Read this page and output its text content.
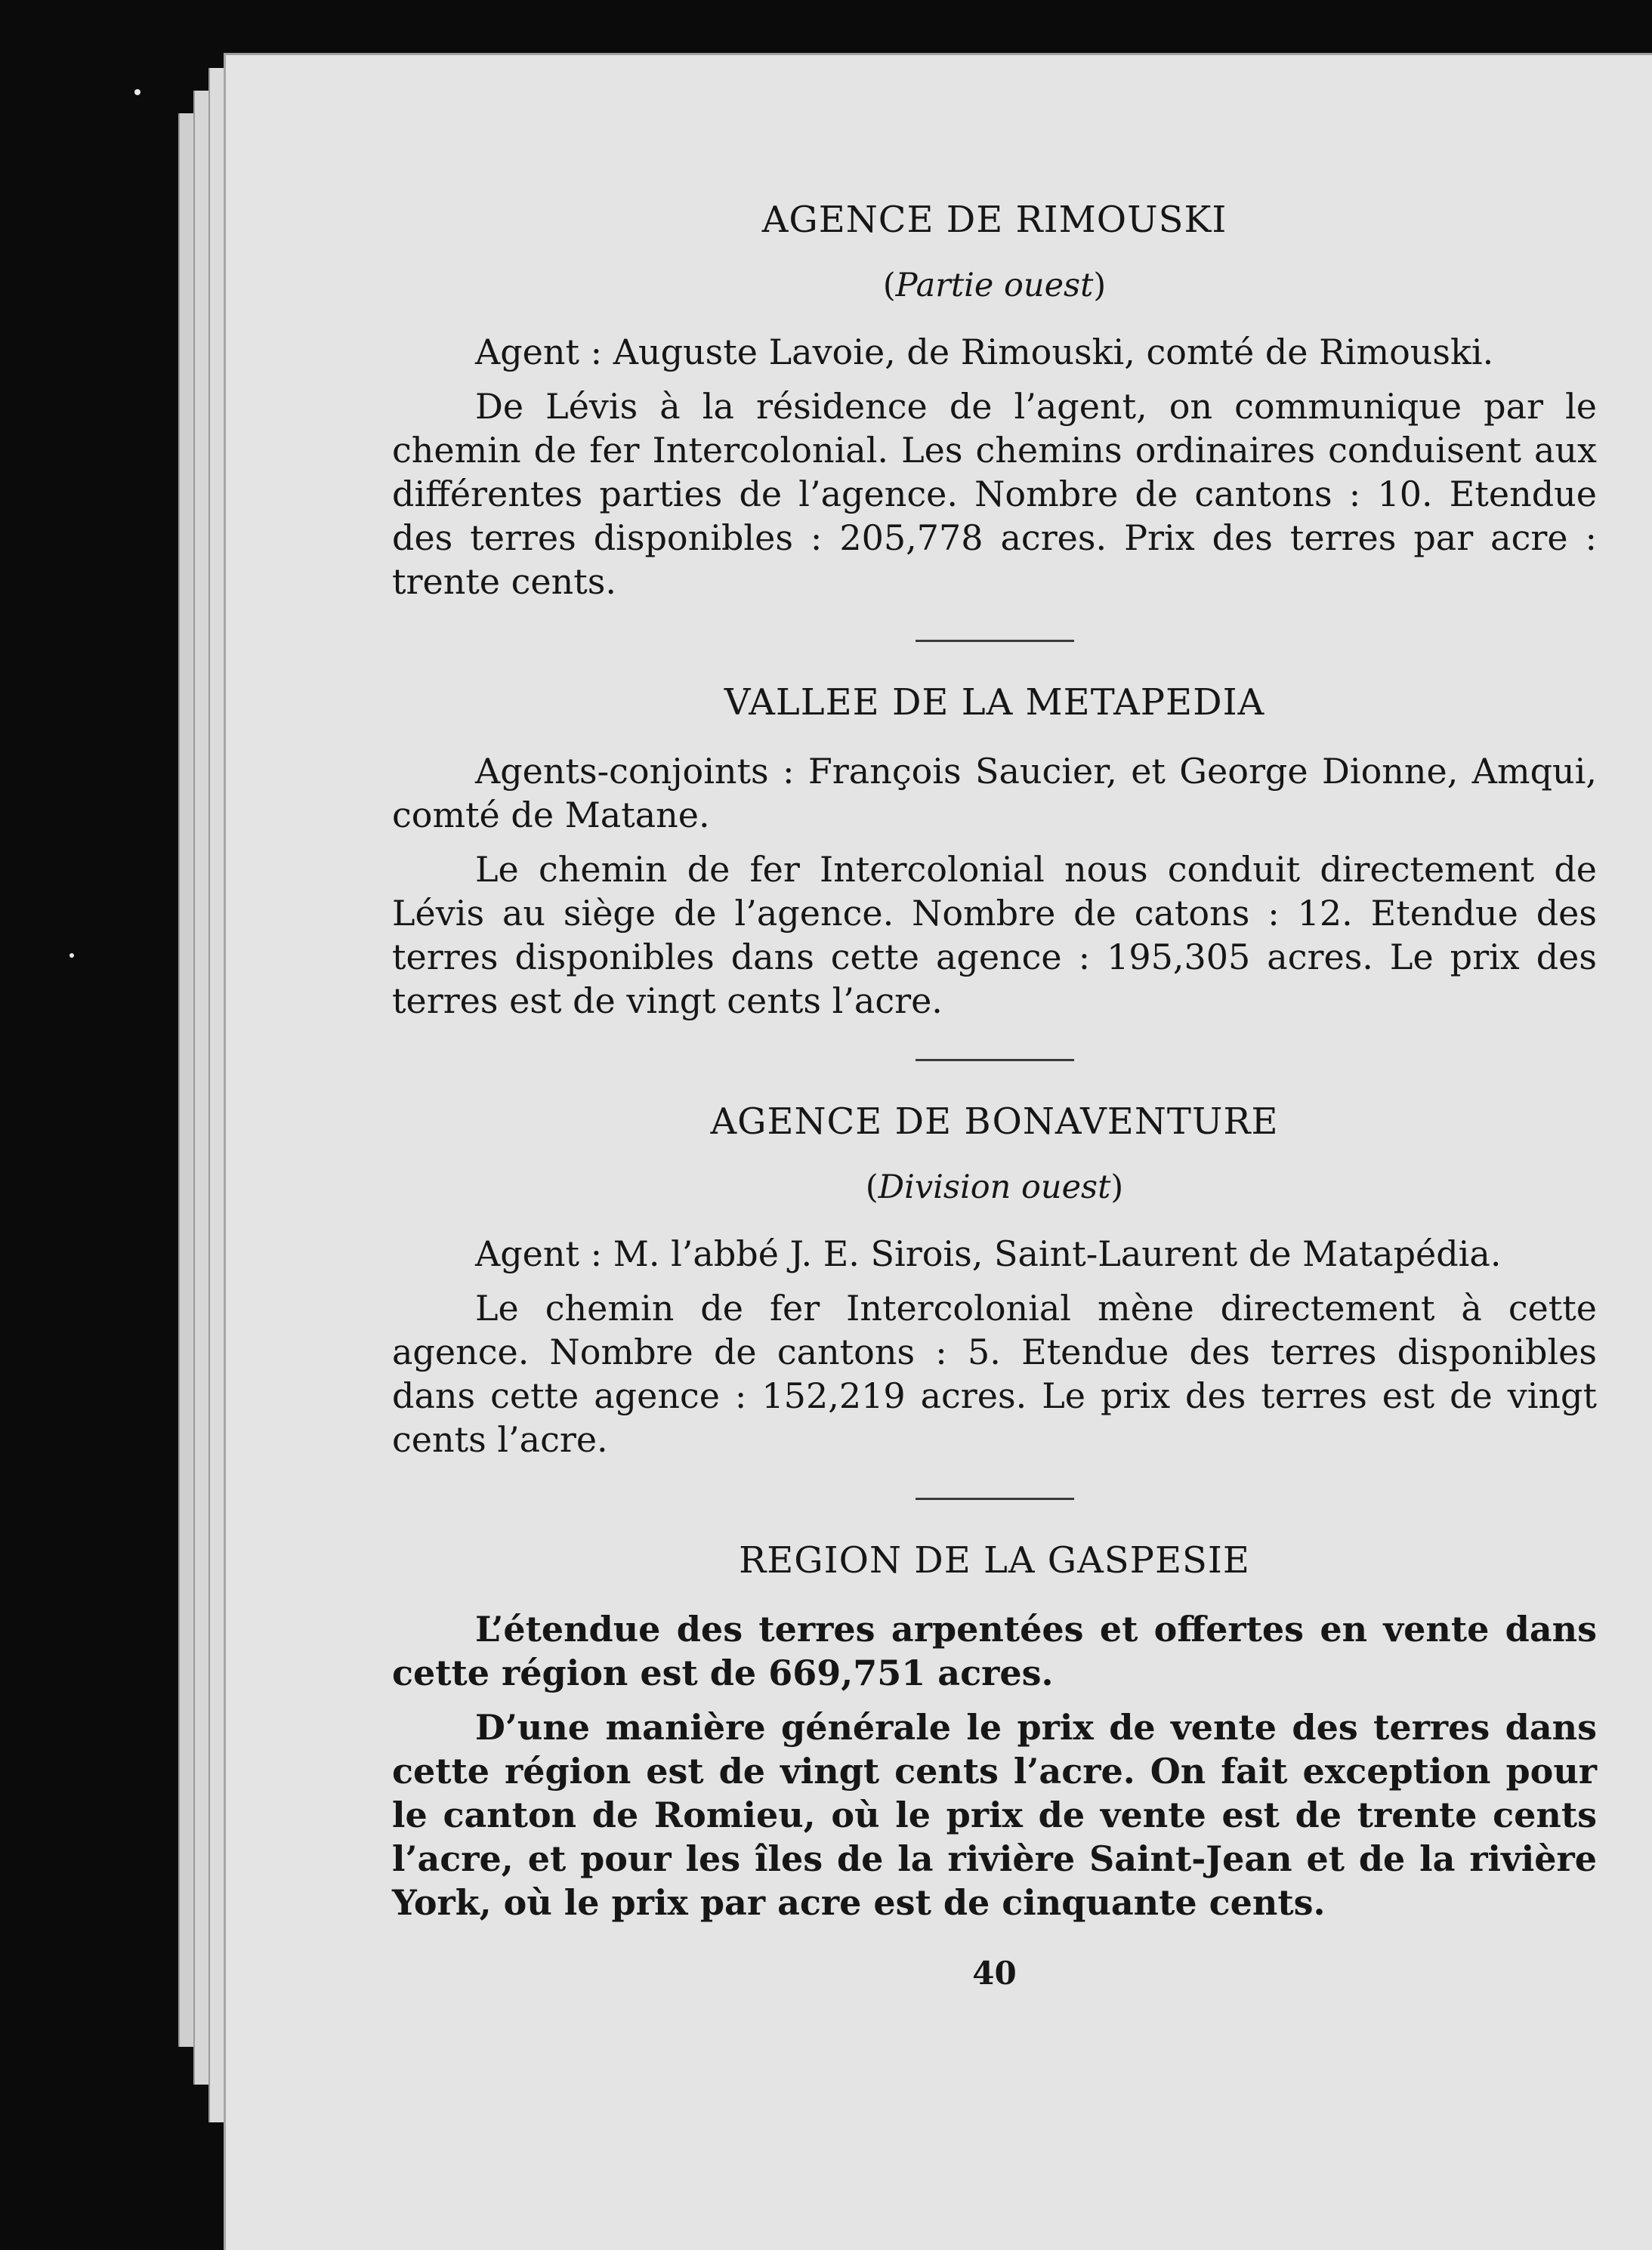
AGENCE DE RIMOUSKI

(Partie ouest)

Agent : Auguste Lavoie, de Rimouski, comté de Rimouski.

De Lévis à la résidence de l’agent, on communique par le chemin de fer Intercolonial. Les chemins ordinaires conduisent aux différentes parties de l’agence. Nombre de cantons : 10. Etendue des terres disponibles : 205,778 acres. Prix des terres par acre : trente cents.

VALLEE DE LA METAPEDIA

Agents-conjoints : François Saucier, et George Dionne, Amqui, comté de Matane.

Le chemin de fer Intercolonial nous conduit directement de Lévis au siège de l’agence. Nombre de catons : 12. Etendue des terres disponibles dans cette agence : 195,305 acres. Le prix des terres est de vingt cents l’acre.

AGENCE DE BONAVENTURE

(Division ouest)

Agent : M. l’abbé J. E. Sirois, Saint-Laurent de Matapédia.

Le chemin de fer Intercolonial mène directement à cette agence. Nombre de cantons : 5. Etendue des terres disponibles dans cette agence : 152,219 acres. Le prix des terres est de vingt cents l’acre.

REGION DE LA GASPESIE

L’étendue des terres arpentées et offertes en vente dans cette région est de 669,751 acres.

D’une manière générale le prix de vente des terres dans cette région est de vingt cents l’acre. On fait exception pour le canton de Romieu, où le prix de vente est de trente cents l’acre, et pour les îles de la rivière Saint-Jean et de la rivière York, où le prix par acre est de cinquante cents.

40
